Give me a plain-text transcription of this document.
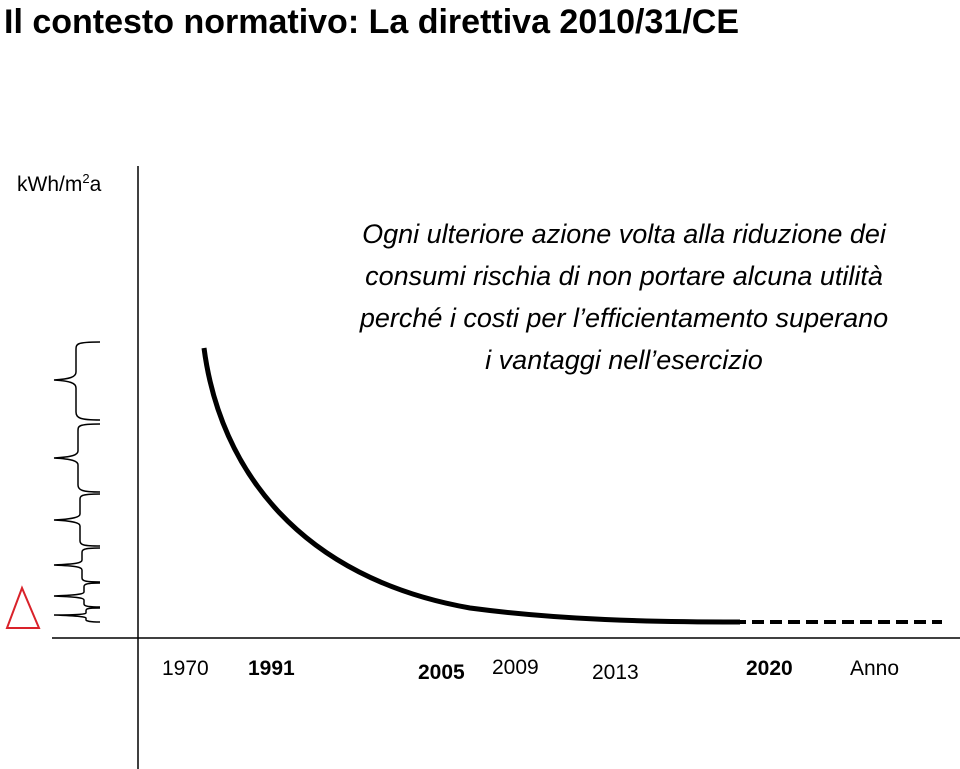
Il contesto normativo: La direttiva 2010/31/CE
kWh/$m^2a$
Ogni ulteriore azione volta alla riduzione dei
consumi rischia di non portare alcuna utilità
perché i costi per l’efficientamento superano
i vantaggi nell’esercizio
1970 1991	2005 2009	2013	2020	Anno
